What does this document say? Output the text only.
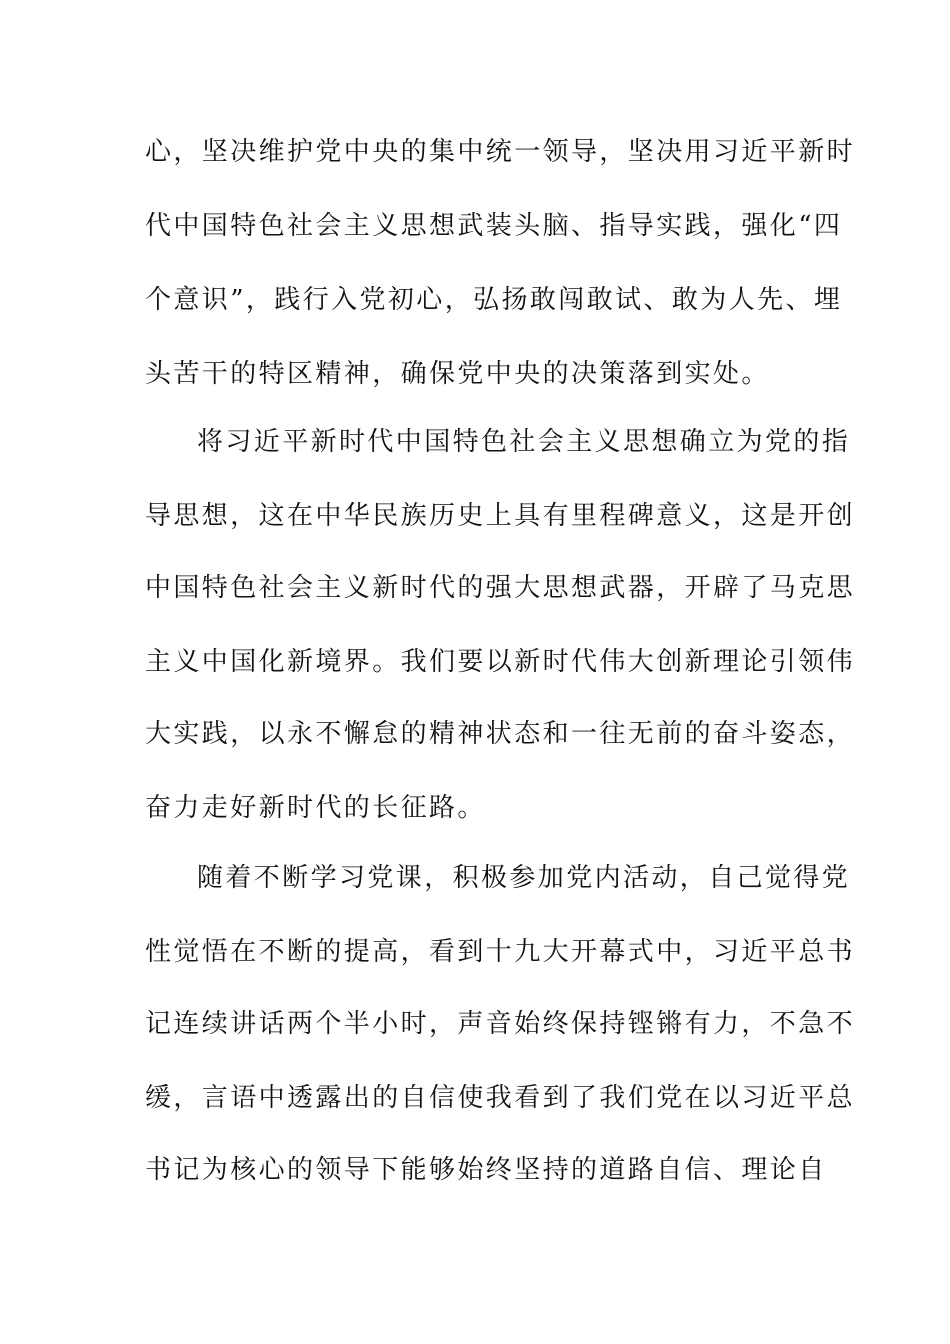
心，坚决维护党中央的集中统一领导，坚决用习近平新时
代中国特色社会主义思想武装头脑、指导实践，强化“四
个意识”，践行入党初心，弘扬敢闯敢试、敢为人先、埋
头苦干的特区精神，确保党中央的决策落到实处。
将习近平新时代中国特色社会主义思想确立为党的指
导思想，这在中华民族历史上具有里程碑意义，这是开创
中国特色社会主义新时代的强大思想武器，开辟了马克思
主义中国化新境界。我们要以新时代伟大创新理论引领伟
大实践，以永不懈怠的精神状态和一往无前的奋斗姿态，
奋力走好新时代的长征路。
随着不断学习党课，积极参加党内活动，自己觉得党
性觉悟在不断的提高，看到十九大开幕式中，习近平总书
记连续讲话两个半小时，声音始终保持铿锵有力，不急不
缓，言语中透露出的自信使我看到了我们党在以习近平总
书记为核心的领导下能够始终坚持的道路自信、理论自
